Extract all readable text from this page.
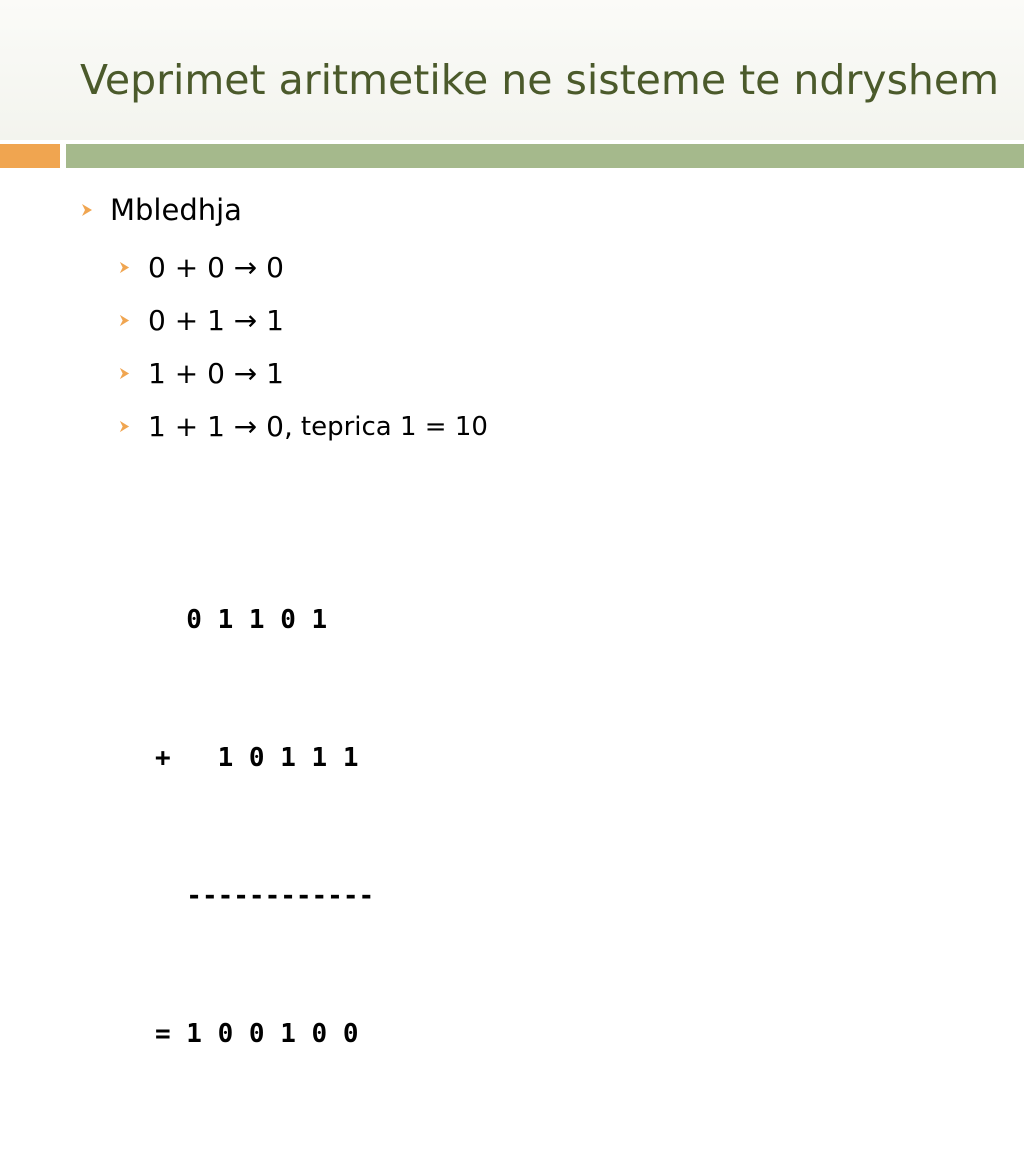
Veprimet aritmetike ne sisteme te ndryshem
Mbledhja
0 + 0 → 0
0 + 1 → 1
1 + 0 → 1
1 + 1 → 0, teprica 1 = 10

0 1 1 0 1

+   1 0 1 1 1

------------

= 1 0 0 1 0 0
